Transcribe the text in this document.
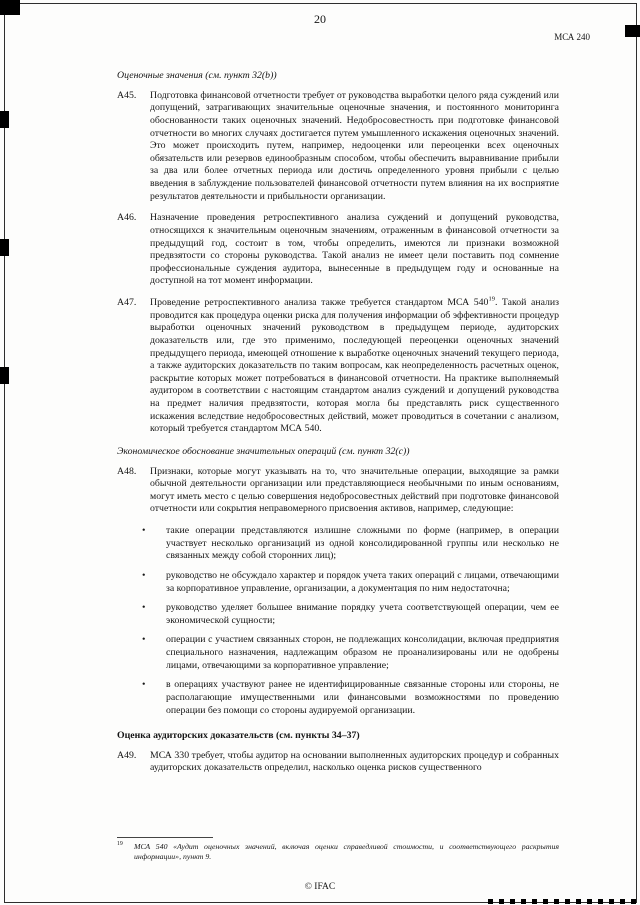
20
МСА 240
Оценочные значения (см. пункт 32(b))
А45.	Подготовка финансовой отчетности требует от руководства выработки целого ряда суждений или допущений, затрагивающих значительные оценочные значения, и постоянного мониторинга обоснованности таких оценочных значений. Недобросовестность при подготовке финансовой отчетности во многих случаях достигается путем умышленного искажения оценочных значений. Это может происходить путем, например, недооценки или переоценки всех оценочных обязательств или резервов единообразным способом, чтобы обеспечить выравнивание прибыли за два или более отчетных периода или достичь определенного уровня прибыли с целью введения в заблуждение пользователей финансовой отчетности путем влияния на их восприятие результатов деятельности и прибыльности организации.
А46.	Назначение проведения ретроспективного анализа суждений и допущений руководства, относящихся к значительным оценочным значениям, отраженным в финансовой отчетности за предыдущий год, состоит в том, чтобы определить, имеются ли признаки возможной предвзятости со стороны руководства. Такой анализ не имеет цели поставить под сомнение профессиональные суждения аудитора, вынесенные в предыдущем году и основанные на доступной на тот момент информации.
А47.	Проведение ретроспективного анализа также требуется стандартом МСА $540^{19}$. Такой анализ проводится как процедура оценки риска для получения информации об эффективности процедур выработки оценочных значений руководством в предыдущем периоде, аудиторских доказательств или, где это применимо, последующей переоценки оценочных значений предыдущего периода, имеющей отношение к выработке оценочных значений текущего периода, а также аудиторских доказательств по таким вопросам, как неопределенность расчетных оценок, раскрытие которых может потребоваться в финансовой отчетности. На практике выполняемый аудитором в соответствии с настоящим стандартом анализ суждений и допущений руководства на предмет наличия предвзятости, которая могла бы представлять риск существенного искажения вследствие недобросовестных действий, может проводиться в сочетании с анализом, который требуется стандартом МСА 540.
Экономическое обоснование значительных операций (см. пункт 32(c))
А48.	Признаки, которые могут указывать на то, что значительные операции, выходящие за рамки обычной деятельности организации или представляющиеся необычными по иным основаниям, могут иметь место с целью совершения недобросовестных действий при подготовке финансовой отчетности или сокрытия неправомерного присвоения активов, например, следующие:
•	такие операции представляются излишне сложными по форме (например, в операции участвует несколько организаций из одной консолидированной группы или несколько не связанных между собой сторонних лиц);
•	руководство не обсуждало характер и порядок учета таких операций с лицами, отвечающими за корпоративное управление, организации, а документация по ним недостаточна;
•	руководство уделяет большее внимание порядку учета соответствующей операции, чем ее экономической сущности;
•	операции с участием связанных сторон, не подлежащих консолидации, включая предприятия специального назначения, надлежащим образом не проанализированы или не одобрены лицами, отвечающими за корпоративное управление;
•	в операциях участвуют ранее не идентифицированные связанные стороны или стороны, не располагающие имущественными или финансовыми возможностями по проведению операции без помощи со стороны аудируемой организации.
Оценка аудиторских доказательств (см. пункты 34–37)
А49.	МСА 330 требует, чтобы аудитор на основании выполненных аудиторских процедур и собранных аудиторских доказательств определил, насколько оценка рисков существенного
19	МСА 540 «Аудит оценочных значений, включая оценки справедливой стоимости, и соответствующего раскрытия информации», пункт 9.
© IFAC
